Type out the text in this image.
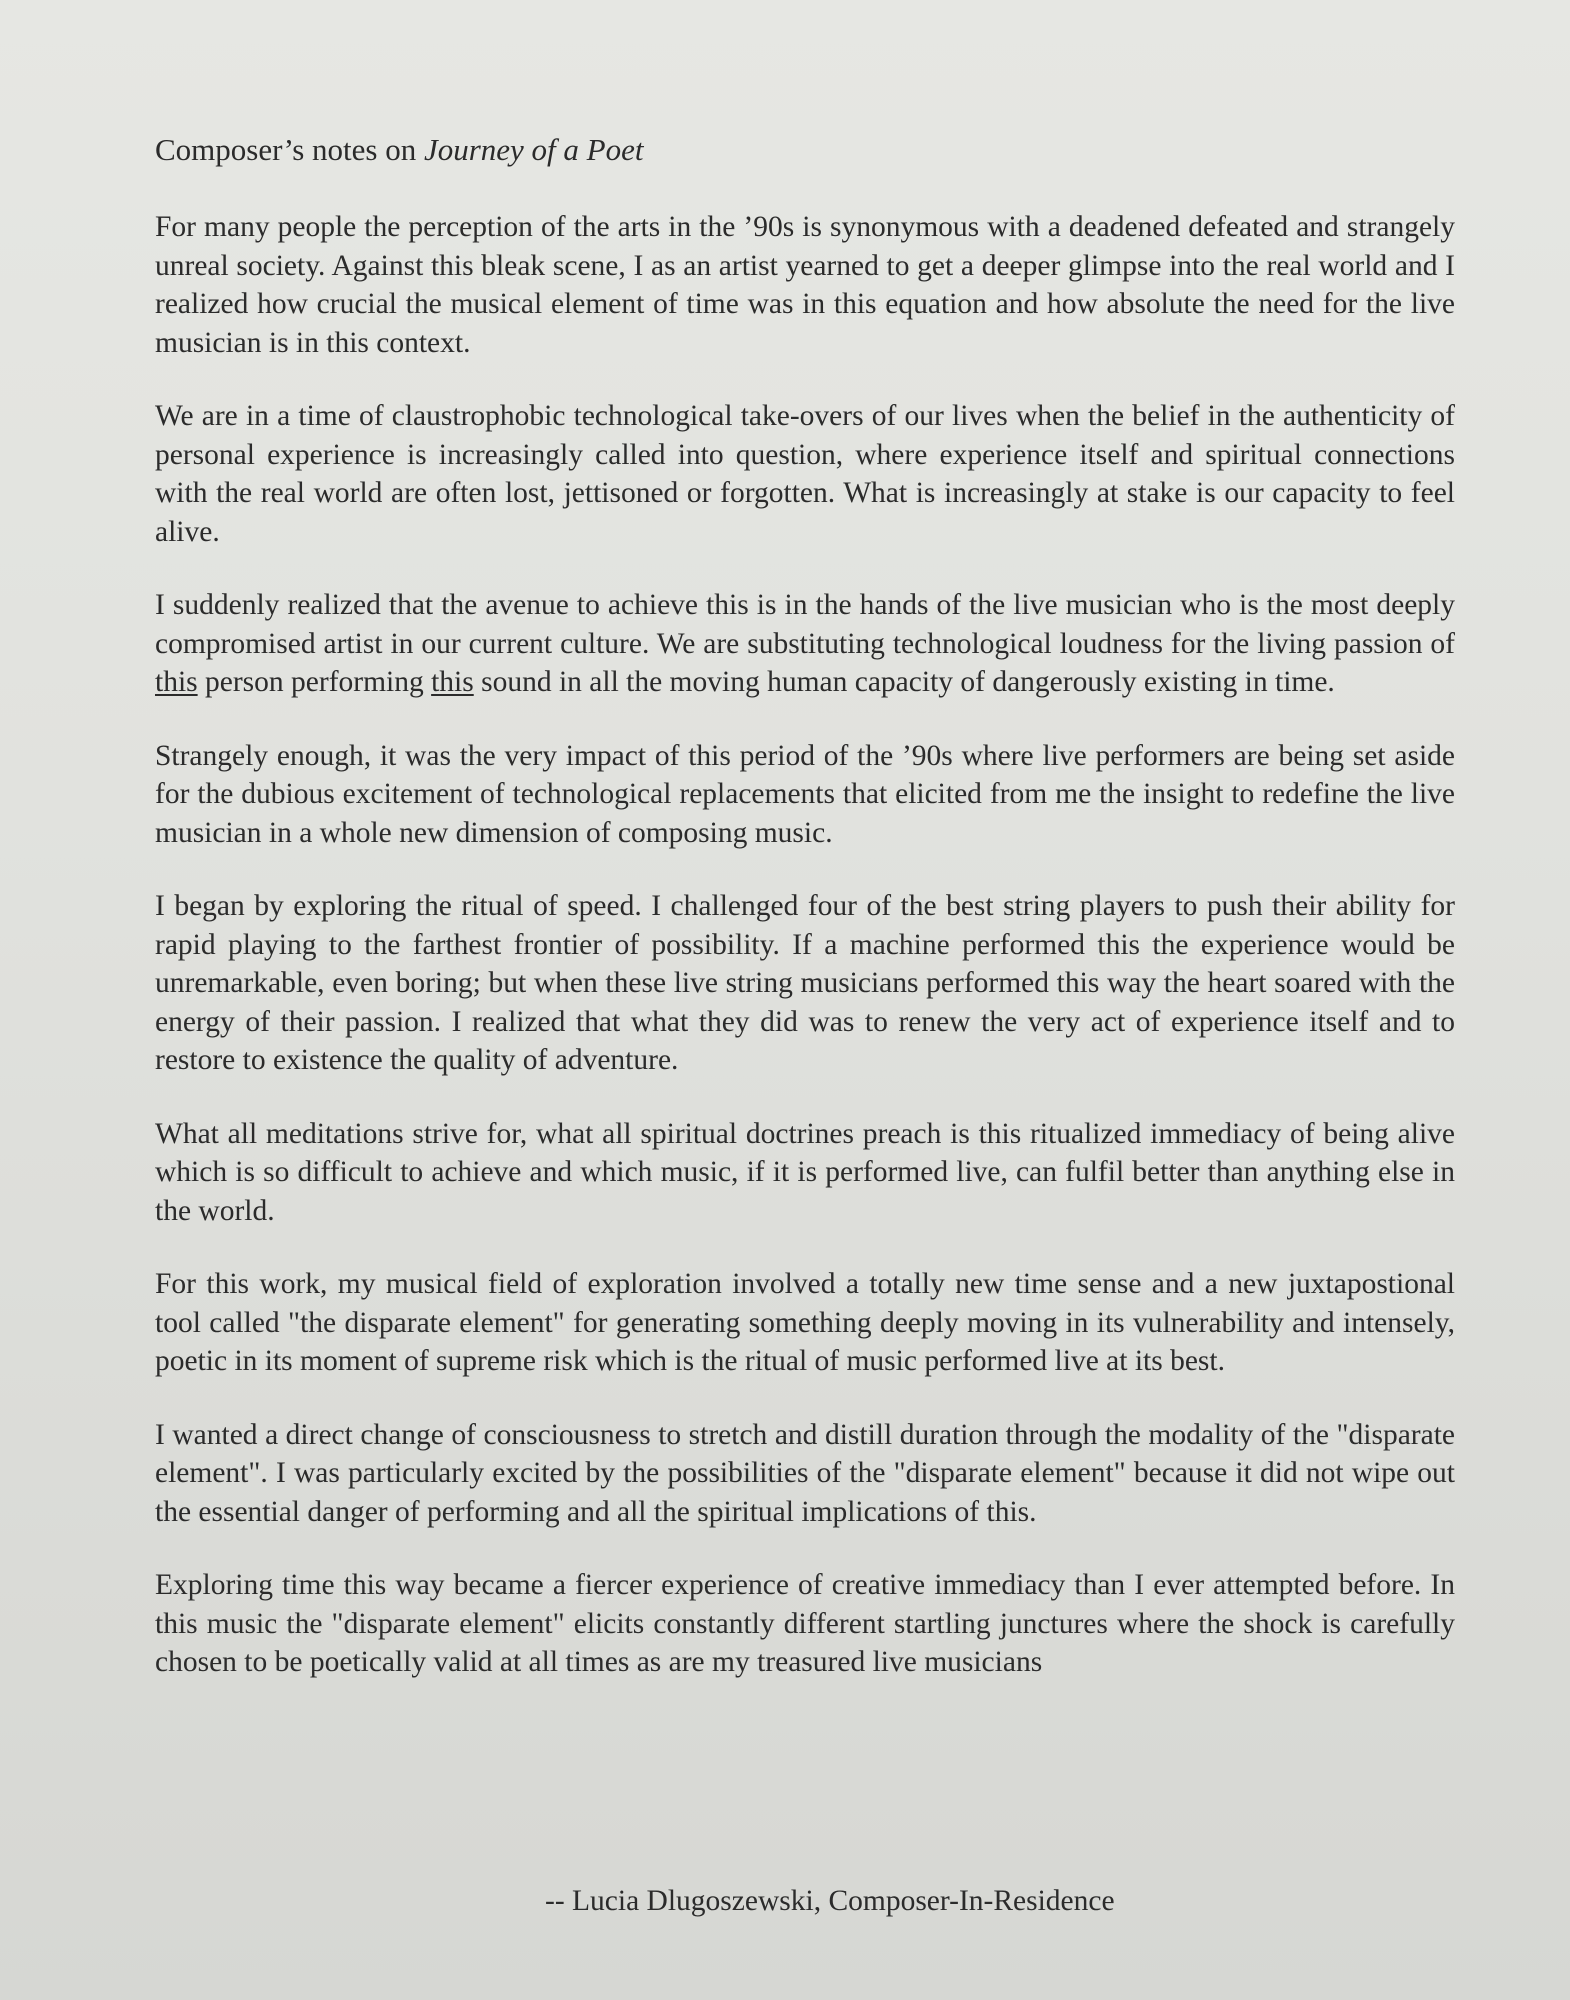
Composer’s notes on Journey of a Poet

For many people the perception of the arts in the ’90s is synonymous with a deadened defeated and strangely unreal society. Against this bleak scene, I as an artist yearned to get a deeper glimpse into the real world and I realized how crucial the musical element of time was in this equation and how absolute the need for the live musician is in this context.

We are in a time of claustrophobic technological take-overs of our lives when the belief in the authenticity of personal experience is increasingly called into question, where experience itself and spiritual connections with the real world are often lost, jettisoned or forgotten. What is increasingly at stake is our capacity to feel alive.

I suddenly realized that the avenue to achieve this is in the hands of the live musician who is the most deeply compromised artist in our current culture. We are substituting technological loudness for the living passion of this person performing this sound in all the moving human capacity of dangerously existing in time.

Strangely enough, it was the very impact of this period of the ’90s where live performers are being set aside for the dubious excitement of technological replacements that elicited from me the insight to redefine the live musician in a whole new dimension of composing music.

I began by exploring the ritual of speed. I challenged four of the best string players to push their ability for rapid playing to the farthest frontier of possibility. If a machine performed this the experience would be unremarkable, even boring; but when these live string musicians performed this way the heart soared with the energy of their passion. I realized that what they did was to renew the very act of experience itself and to restore to existence the quality of adventure.

What all meditations strive for, what all spiritual doctrines preach is this ritualized immediacy of being alive which is so difficult to achieve and which music, if it is performed live, can fulfil better than anything else in the world.

For this work, my musical field of exploration involved a totally new time sense and a new juxtapostional tool called "the disparate element" for generating something deeply moving in its vulnerability and intensely, poetic in its moment of supreme risk which is the ritual of music performed live at its best.

I wanted a direct change of consciousness to stretch and distill duration through the modality of the "disparate element". I was particularly excited by the possibilities of the "disparate element" because it did not wipe out the essential danger of performing and all the spiritual implications of this.

Exploring time this way became a fiercer experience of creative immediacy than I ever attempted before. In this music the "disparate element" elicits constantly different startling junctures where the shock is carefully chosen to be poetically valid at all times as are my treasured live musicians

-- Lucia Dlugoszewski, Composer-In-Residence
